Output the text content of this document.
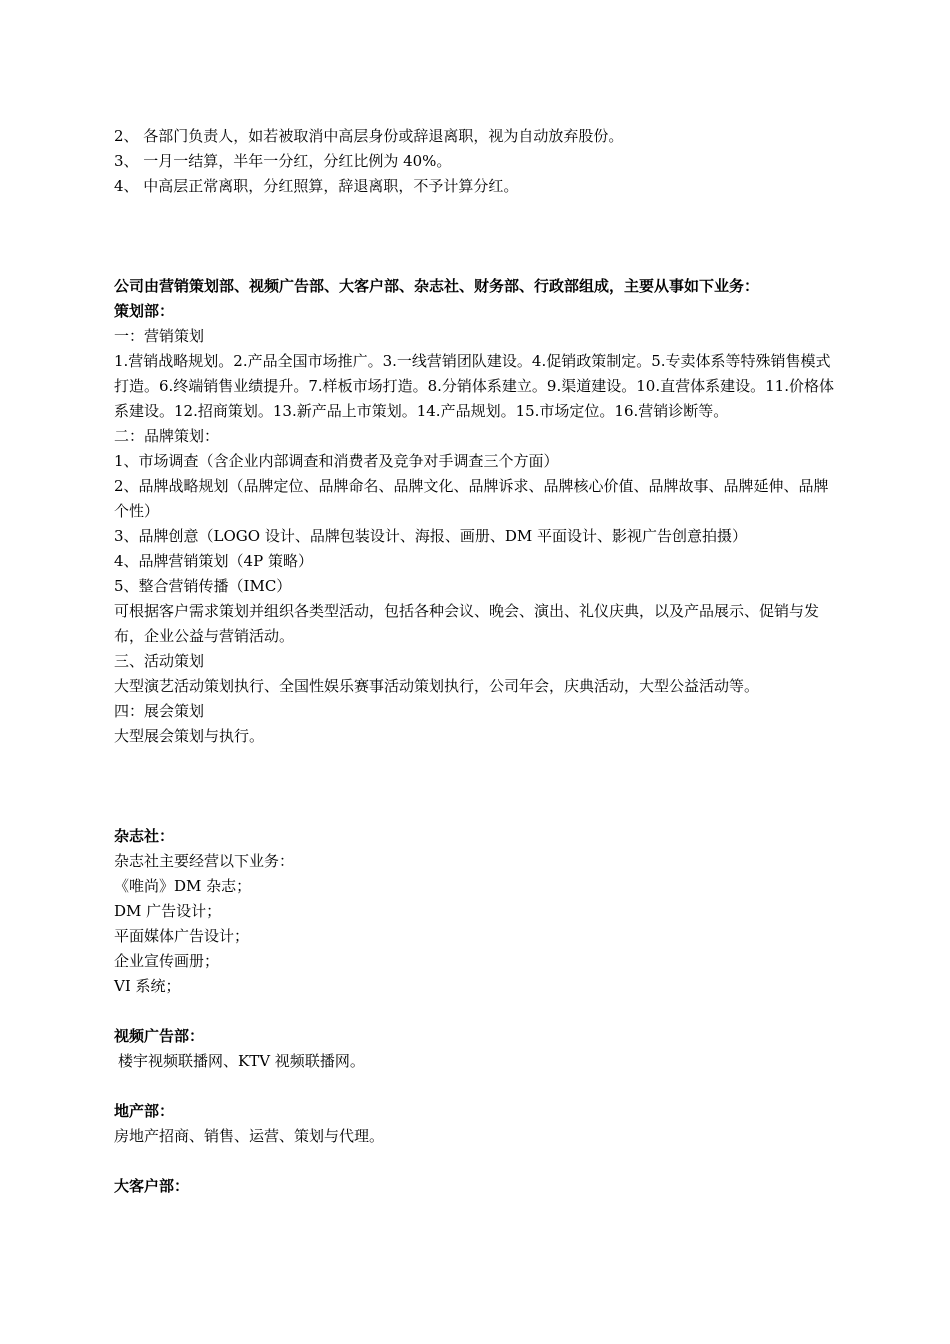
2、 各部门负责人，如若被取消中高层身份或辞退离职，视为自动放弃股份。
3、 一月一结算，半年一分红，分红比例为 40%。
4、 中高层正常离职，分红照算，辞退离职，不予计算分红。
公司由营销策划部、视频广告部、大客户部、杂志社、财务部、行政部组成，主要从事如下业务：
策划部：
一：营销策划
1.营销战略规划。2.产品全国市场推广。3.一线营销团队建设。4.促销政策制定。5.专卖体系等特殊销售模式打造。6.终端销售业绩提升。7.样板市场打造。8.分销体系建立。9.渠道建设。10.直营体系建设。11.价格体系建设。12.招商策划。13.新产品上市策划。14.产品规划。15.市场定位。16.营销诊断等。
二：品牌策划：
1、市场调查（含企业内部调查和消费者及竞争对手调查三个方面）
2、品牌战略规划（品牌定位、品牌命名、品牌文化、品牌诉求、品牌核心价值、品牌故事、品牌延伸、品牌个性）
3、品牌创意（LOGO 设计、品牌包装设计、海报、画册、DM 平面设计、影视广告创意拍摄）
4、品牌营销策划（4P 策略）
5、整合营销传播（IMC）
可根据客户需求策划并组织各类型活动，包括各种会议、晚会、演出、礼仪庆典，以及产品展示、促销与发布，企业公益与营销活动。
三、活动策划
大型演艺活动策划执行、全国性娱乐赛事活动策划执行，公司年会，庆典活动，大型公益活动等。
四：展会策划
大型展会策划与执行。
杂志社：
杂志社主要经营以下业务：
《唯尚》DM 杂志；
DM 广告设计；
平面媒体广告设计；
企业宣传画册；
VI 系统；
视频广告部：
楼宇视频联播网、KTV 视频联播网。
地产部：
房地产招商、销售、运营、策划与代理。
大客户部：
